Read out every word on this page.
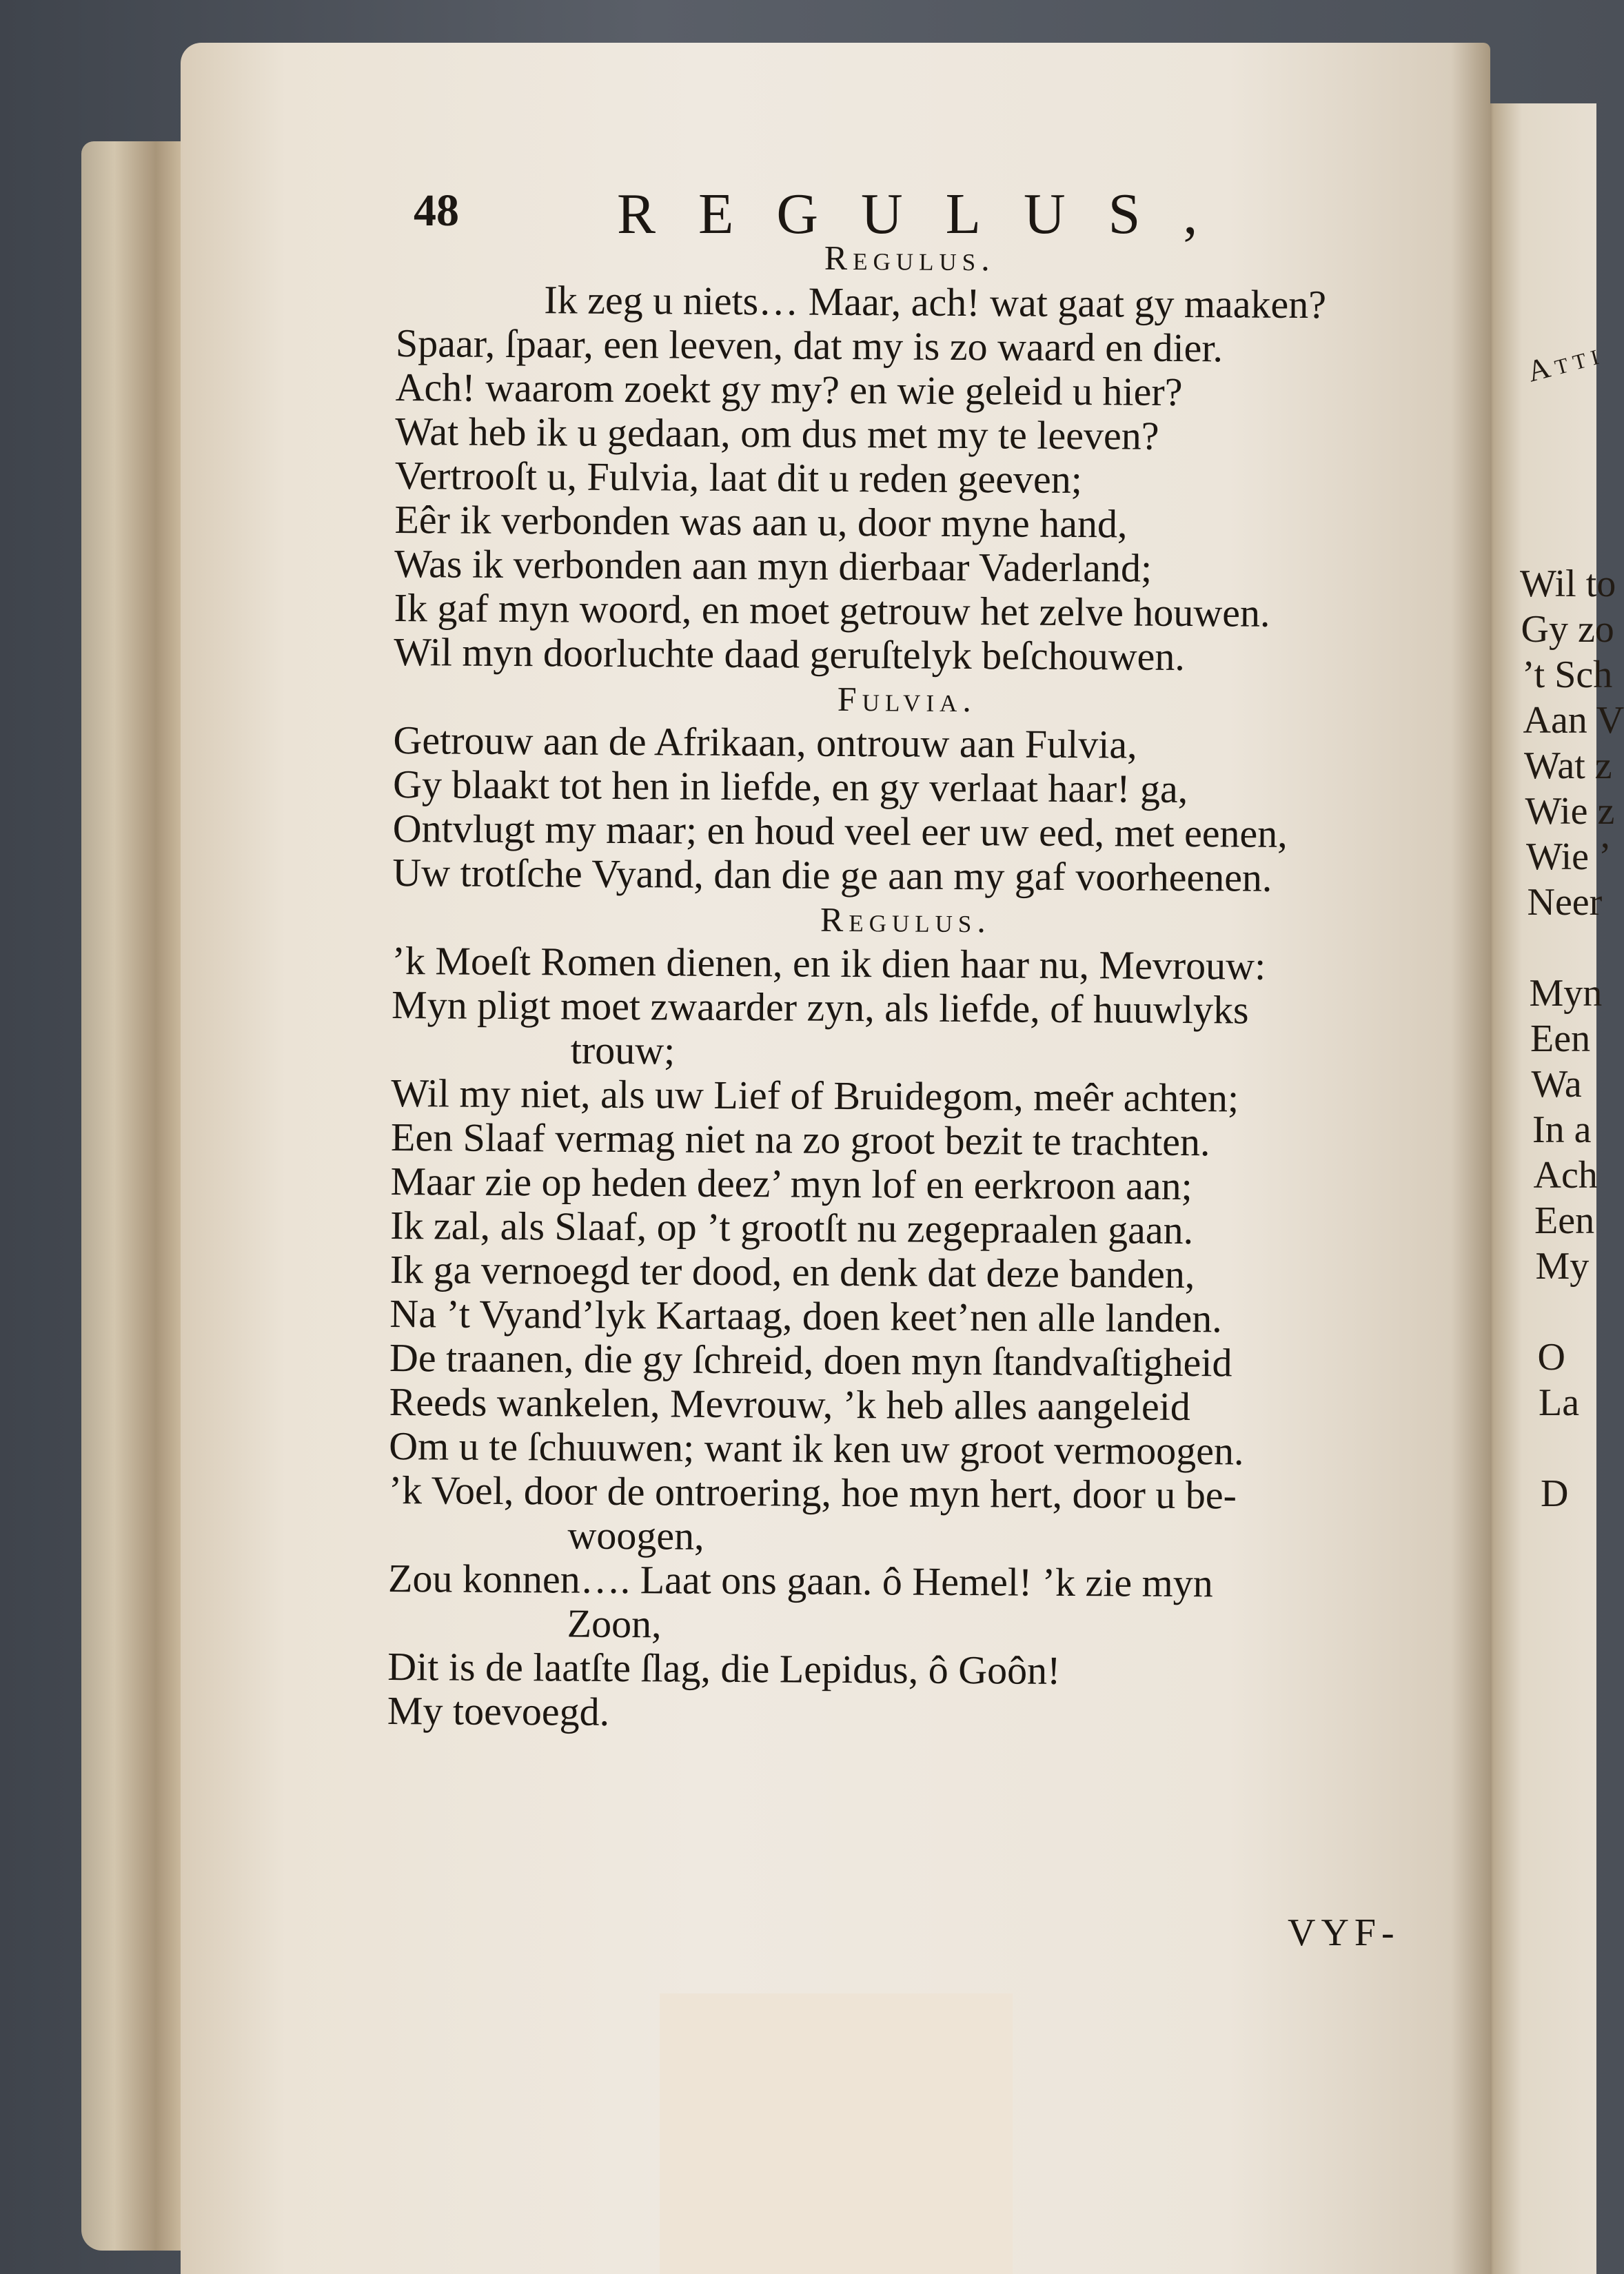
48	REGULUS,
Regulus.
Ik zeg u niets… Maar, ach! wat gaat gy maaken?
Spaar, ſpaar, een leeven, dat my is zo waard en dier.
Ach! waarom zoekt gy my? en wie geleid u hier?
Wat heb ik u gedaan, om dus met my te leeven?
Vertrooſt u, Fulvia, laat dit u reden geeven;
Eêr ik verbonden was aan u, door myne hand,
Was ik verbonden aan myn dierbaar Vaderland;
Ik gaf myn woord, en moet getrouw het zelve houwen.
Wil myn doorluchte daad geruſtelyk beſchouwen.
Fulvia.
Getrouw aan de Afrikaan, ontrouw aan Fulvia,
Gy blaakt tot hen in liefde, en gy verlaat haar! ga,
Ontvlugt my maar; en houd veel eer uw eed, met eenen,
Uw trotſche Vyand, dan die ge aan my gaf voorheenen.
Regulus.
’k Moeſt Romen dienen, en ik dien haar nu, Mevrouw:
Myn pligt moet zwaarder zyn, als liefde, of huuwlyks
trouw;
Wil my niet, als uw Lief of Bruidegom, meêr achten;
Een Slaaf vermag niet na zo groot bezit te trachten.
Maar zie op heden deez’ myn lof en eerkroon aan;
Ik zal, als Slaaf, op ’t grootſt nu zegepraalen gaan.
Ik ga vernoegd ter dood, en denk dat deze banden,
Na ’t Vyand’lyk Kartaag, doen keet’nen alle landen.
De traanen, die gy ſchreid, doen myn ſtandvaſtigheid
Reeds wankelen, Mevrouw, ’k heb alles aangeleid
Om u te ſchuuwen; want ik ken uw groot vermoogen.
’k Voel, door de ontroering, hoe myn hert, door u be-
woogen,
Zou konnen…. Laat ons gaan. ô Hemel! ’k zie myn
Zoon,
Dit is de laatſte ſlag, die Lepidus, ô Goôn!
My toevoegd.
VYF-
Atti
Wil to
Gy zo
’t Sch
Aan V
Wat z
Wie z
Wie ’
Neer
Myn
Een
Wa
In a
Ach
Een
My
O
La
D
